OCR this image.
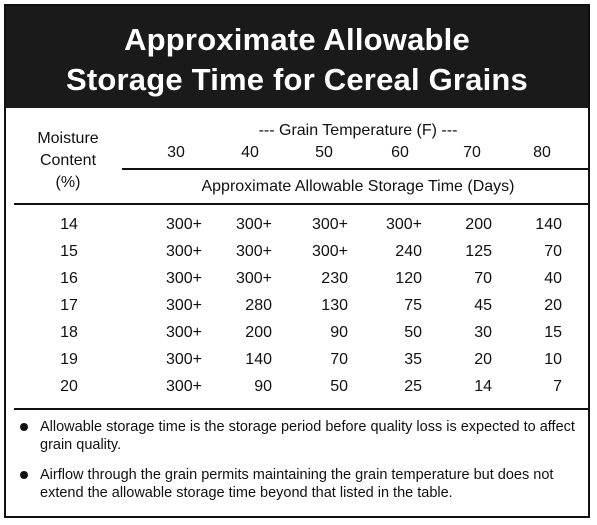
Approximate Allowable
Storage Time for Cereal Grains
Moisture
Content
(%)
--- Grain Temperature (F) ---
30	40	50	60	70	80
Approximate Allowable Storage Time (Days)
14	300+	300+	300+	300+	200	140
15	300+	300+	300+	240	125	70
16	300+	300+	230	120	70	40
17	300+	280	130	75	45	20
18	300+	200	90	50	30	15
19	300+	140	70	35	20	10
20	300+	90	50	25	14	7
Allowable storage time is the storage period before quality loss is expected to affect grain quality.
Airflow through the grain permits maintaining the grain temperature but does not extend the allowable storage time beyond that listed in the table.
